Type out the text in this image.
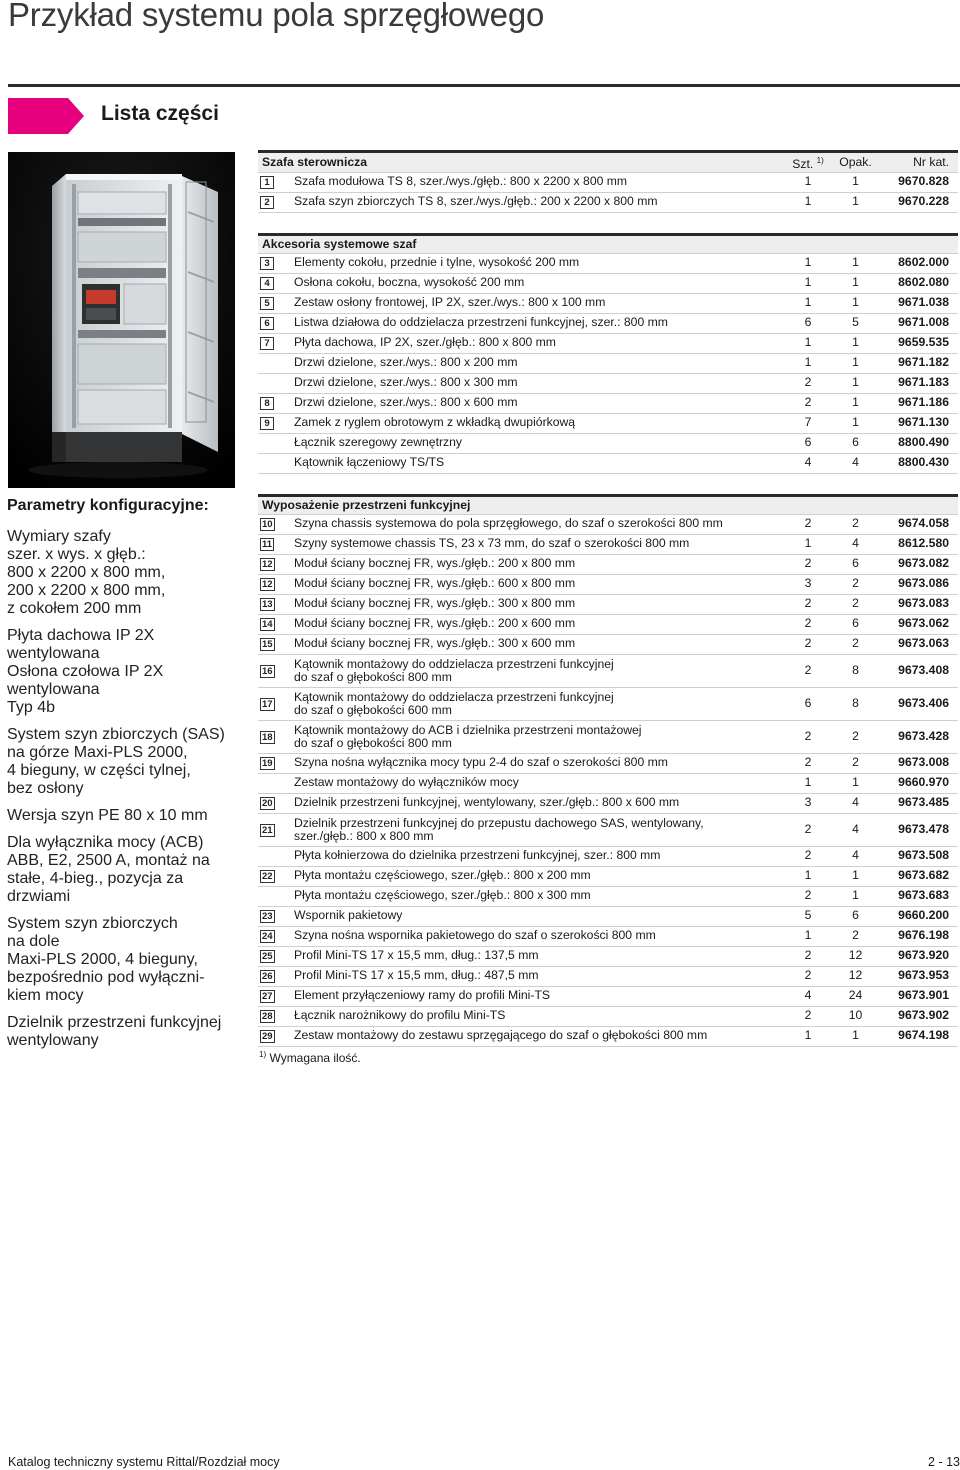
Przykład systemu pola sprzęgłowego
Lista części
Parametry konfiguracyjne:
Wymiary szafy
szer. x wys. x głęb.:
800 x 2200 x 800 mm,
200 x 2200 x 800 mm,
z cokołem 200 mm
Płyta dachowa IP 2X
wentylowana
Osłona czołowa IP 2X
wentylowana
Typ 4b
System szyn zbiorczych (SAS)
na górze Maxi-PLS 2000,
4 bieguny, w części tylnej,
bez osłony
Wersja szyn PE 80 x 10 mm
Dla wyłącznika mocy (ACB)
ABB, E2, 2500 A, montaż na
stałe, 4-bieg., pozycja za
drzwiami
System szyn zbiorczych
na dole
Maxi-PLS 2000, 4 bieguny,
bezpośrednio pod wyłączni-
kiem mocy
Dzielnik przestrzeni funkcyjnej
wentylowany
Szafa sterownicza		Szt. $^{1)}$	Opak.	Nr kat.
1	Szafa modułowa TS 8, szer./wys./głęb.: 800 x 2200 x 800 mm	1	1	9670.828
2	Szafa szyn zbiorczych TS 8, szer./wys./głęb.: 200 x 2200 x 800 mm	1	1	9670.228
Akcesoria systemowe szaf				
3	Elementy cokołu, przednie i tylne, wysokość 200 mm	1	1	8602.000
4	Osłona cokołu, boczna, wysokość 200 mm	1	1	8602.080
5	Zestaw osłony frontowej, IP 2X, szer./wys.: 800 x 100 mm	1	1	9671.038
6	Listwa działowa do oddzielacza przestrzeni funkcyjnej, szer.: 800 mm	6	5	9671.008
7	Płyta dachowa, IP 2X, szer./głęb.: 800 x 800 mm	1	1	9659.535

	Drzwi dzielone, szer./wys.: 800 x 200 mm	1	1	9671.182

	Drzwi dzielone, szer./wys.: 800 x 300 mm	2	1	9671.183
8	Drzwi dzielone, szer./wys.: 800 x 600 mm	2	1	9671.186
9	Zamek z ryglem obrotowym z wkładką dwupiórkową	7	1	9671.130

	Łącznik szeregowy zewnętrzny	6	6	8800.490

	Kątownik łączeniowy TS/TS	4	4	8800.430
Wyposażenie przestrzeni funkcyjnej				
10	Szyna chassis systemowa do pola sprzęgłowego, do szaf o szerokości 800 mm	2	2	9674.058
11	Szyny systemowe chassis TS, 23 x 73 mm, do szaf o szerokości 800 mm	1	4	8612.580
12	Moduł ściany bocznej FR, wys./głęb.: 200 x 800 mm	2	6	9673.082
12	Moduł ściany bocznej FR, wys./głęb.: 600 x 800 mm	3	2	9673.086
13	Moduł ściany bocznej FR, wys./głęb.: 300 x 800 mm	2	2	9673.083
14	Moduł ściany bocznej FR, wys./głęb.: 200 x 600 mm	2	6	9673.062
15	Moduł ściany bocznej FR, wys./głęb.: 300 x 600 mm	2	2	9673.063
16	Kątownik montażowy do oddzielacza przestrzeni funkcyjnej
do szaf o głębokości 800 mm	2	8	9673.408
17	Kątownik montażowy do oddzielacza przestrzeni funkcyjnej
do szaf o głębokości 600 mm	6	8	9673.406
18	Kątownik montażowy do ACB i dzielnika przestrzeni montażowej
do szaf o głębokości 800 mm	2	2	9673.428
19	Szyna nośna wyłącznika mocy typu 2-4 do szaf o szerokości 800 mm	2	2	9673.008

	Zestaw montażowy do wyłączników mocy	1	1	9660.970
20	Dzielnik przestrzeni funkcyjnej, wentylowany, szer./głęb.: 800 x 600 mm	3	4	9673.485
21	Dzielnik przestrzeni funkcyjnej do przepustu dachowego SAS, wentylowany,
szer./głęb.: 800 x 800 mm	2	4	9673.478

	Płyta kołnierzowa do dzielnika przestrzeni funkcyjnej, szer.: 800 mm	2	4	9673.508
22	Płyta montażu częściowego, szer./głęb.: 800 x 200 mm	1	1	9673.682

	Płyta montażu częściowego, szer./głęb.: 800 x 300 mm	2	1	9673.683
23	Wspornik pakietowy	5	6	9660.200
24	Szyna nośna wspornika pakietowego do szaf o szerokości 800 mm	1	2	9676.198
25	Profil Mini-TS 17 x 15,5 mm, dług.: 137,5 mm	2	12	9673.920
26	Profil Mini-TS 17 x 15,5 mm, dług.: 487,5 mm	2	12	9673.953
27	Element przyłączeniowy ramy do profili Mini-TS	4	24	9673.901
28	Łącznik narożnikowy do profilu Mini-TS	2	10	9673.902
29	Zestaw montażowy do zestawu sprzęgającego do szaf o głębokości 800 mm	1	1	9674.198
$^{1)}$ Wymagana ilość.
Katalog techniczny systemu Rittal/Rozdział mocy	2 - 13
